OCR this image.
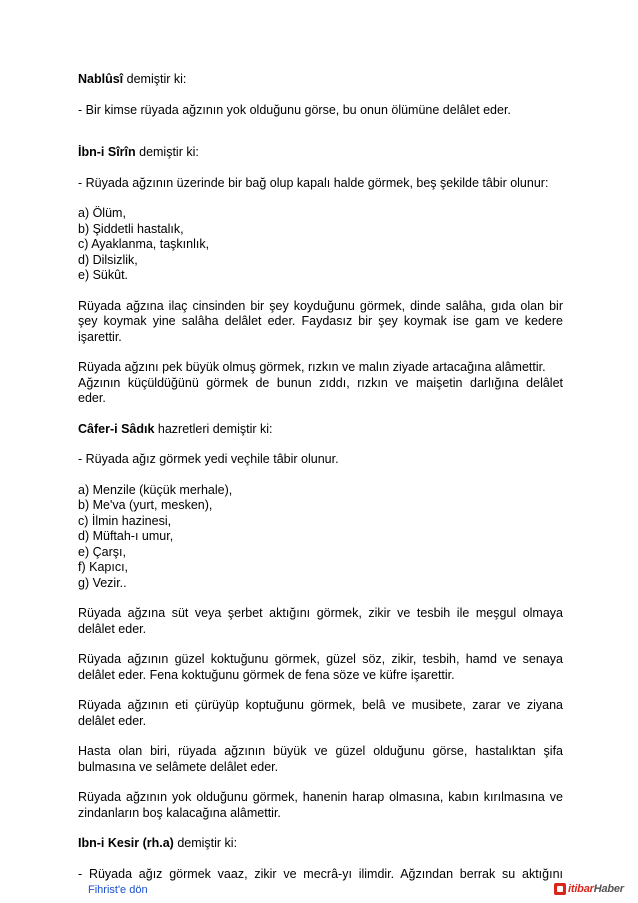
Nablûsî demiştir ki:
- Bir kimse rüyada ağzının yok olduğunu görse, bu onun ölümüne delâlet eder.
İbn-i Sîrîn demiştir ki:
- Rüyada ağzının üzerinde bir bağ olup kapalı halde görmek, beş şekilde tâbir olunur:
a) Ölüm,
b) Şiddetli hastalık,
c) Ayaklanma, taşkınlık,
d) Dilsizlik,
e) Sükût.
Rüyada ağzına ilaç cinsinden bir şey koyduğunu görmek, dinde salâha, gıda olan bir
şey koymak yine salâha delâlet eder. Faydasız bir şey koymak ise gam ve kedere
işarettir.
Rüyada ağzını pek büyük olmuş görmek, rızkın ve malın ziyade artacağına alâmettir.
Ağzının küçüldüğünü görmek de bunun zıddı, rızkın ve maişetin darlığına delâlet
eder.
Câfer-i Sâdık hazretleri demiştir ki:
- Rüyada ağız görmek yedi veçhile tâbir olunur.
a) Menzile (küçük merhale),
b) Me'va (yurt, mesken),
c) İlmin hazinesi,
d) Müftah-ı umur,
e) Çarşı,
f) Kapıcı,
g) Vezir..
Rüyada ağzına süt veya şerbet aktığını görmek, zikir ve tesbih ile meşgul olmaya
delâlet eder.
Rüyada ağzının güzel koktuğunu görmek, güzel söz, zikir, tesbih, hamd ve senaya
delâlet eder. Fena koktuğunu görmek de fena söze ve küfre işarettir.
Rüyada ağzının eti çürüyüp koptuğunu görmek, belâ ve musibete, zarar ve ziyana
delâlet eder.
Hasta olan biri, rüyada ağzının büyük ve güzel olduğunu görse, hastalıktan şifa
bulmasına ve selâmete delâlet eder.
Rüyada ağzının yok olduğunu görmek, hanenin harap olmasına, kabın kırılmasına ve
zindanların boş kalacağına alâmettir.
Ibn-i Kesir (rh.a) demiştir ki:
- Rüyada ağız görmek vaaz, zikir ve mecrâ-yı ilimdir. Ağzından berrak su aktığını
Fihrist'e dön	itibarHaber
